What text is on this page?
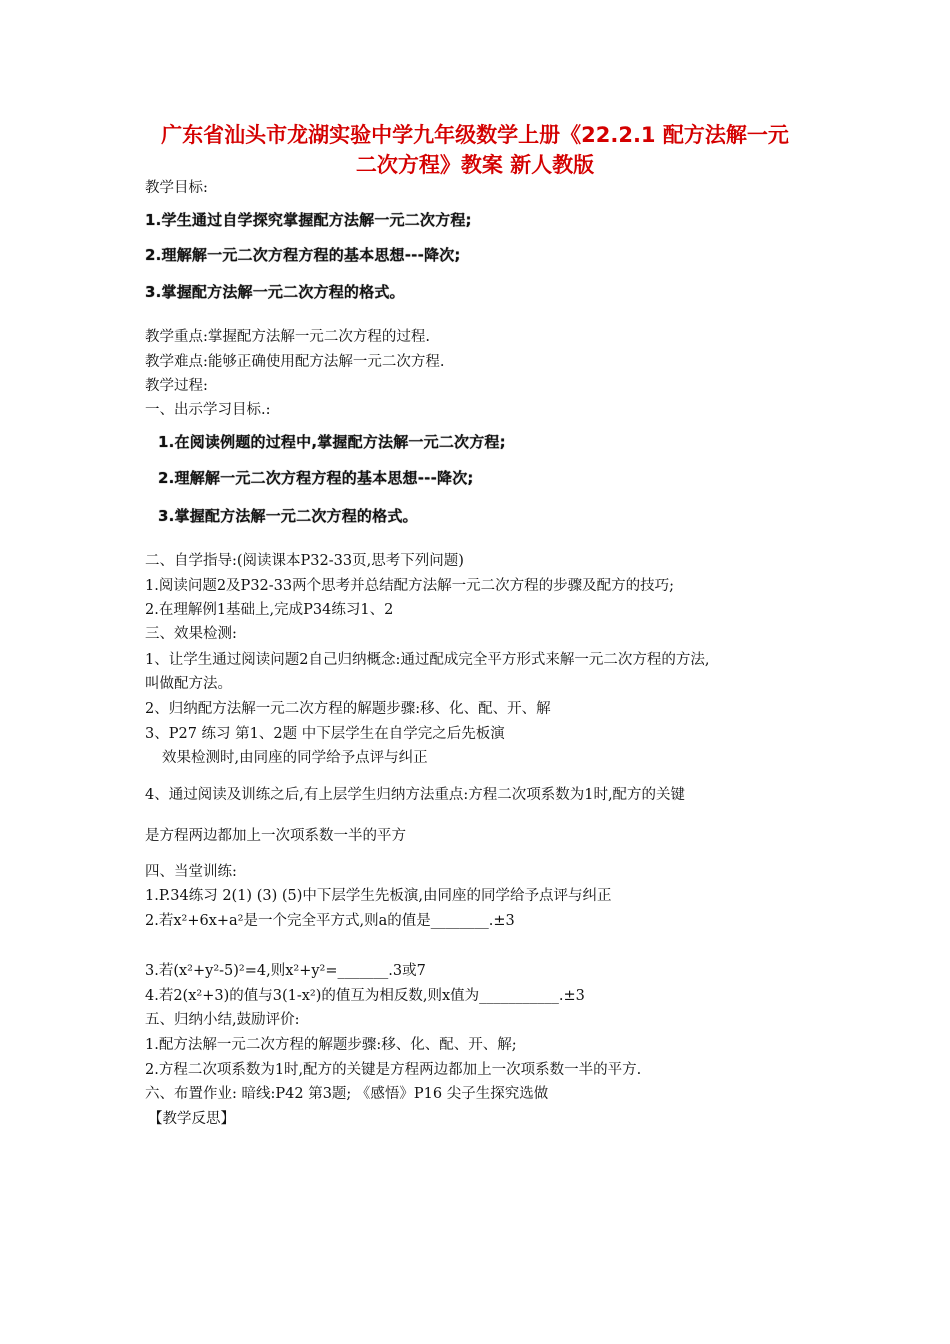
广东省汕头市龙湖实验中学九年级数学上册《22.2.1 配方法解一元
二次方程》教案 新人教版
教学目标:
1.学生通过自学探究掌握配方法解一元二次方程;
2.理解解一元二次方程方程的基本思想---降次;
3.掌握配方法解一元二次方程的格式。
教学重点:掌握配方法解一元二次方程的过程.
教学难点:能够正确使用配方法解一元二次方程.
教学过程:
一、出示学习目标.:
1.在阅读例题的过程中,掌握配方法解一元二次方程;
2.理解解一元二次方程方程的基本思想---降次;
3.掌握配方法解一元二次方程的格式。
二、自学指导:(阅读课本P32-33页,思考下列问题)
1.阅读问题2及P32-33两个思考并总结配方法解一元二次方程的步骤及配方的技巧;
2.在理解例1基础上,完成P34练习1、2
三、效果检测:
1、让学生通过阅读问题2自己归纳概念:通过配成完全平方形式来解一元二次方程的方法,
叫做配方法。
2、归纳配方法解一元二次方程的解题步骤:移、化、配、开、解
3、P27 练习 第1、2题 中下层学生在自学完之后先板演
效果检测时,由同座的同学给予点评与纠正
4、通过阅读及训练之后,有上层学生归纳方法重点:方程二次项系数为1时,配方的关键
是方程两边都加上一次项系数一半的平方
四、当堂训练:
1.P.34练习 2(1) (3) (5)中下层学生先板演,由同座的同学给予点评与纠正
2.若x²+6x+a²是一个完全平方式,则a的值是________.±3
3.若(x²+y²-5)²=4,则x²+y²=_______.3或7
4.若2(x²+3)的值与3(1-x²)的值互为相反数,则x值为___________.±3
五、归纳小结,鼓励评价:
1.配方法解一元二次方程的解题步骤:移、化、配、开、解;
2.方程二次项系数为1时,配方的关键是方程两边都加上一次项系数一半的平方.
六、布置作业: 暗线:P42 第3题; 《感悟》P16 尖子生探究选做
【教学反思】
